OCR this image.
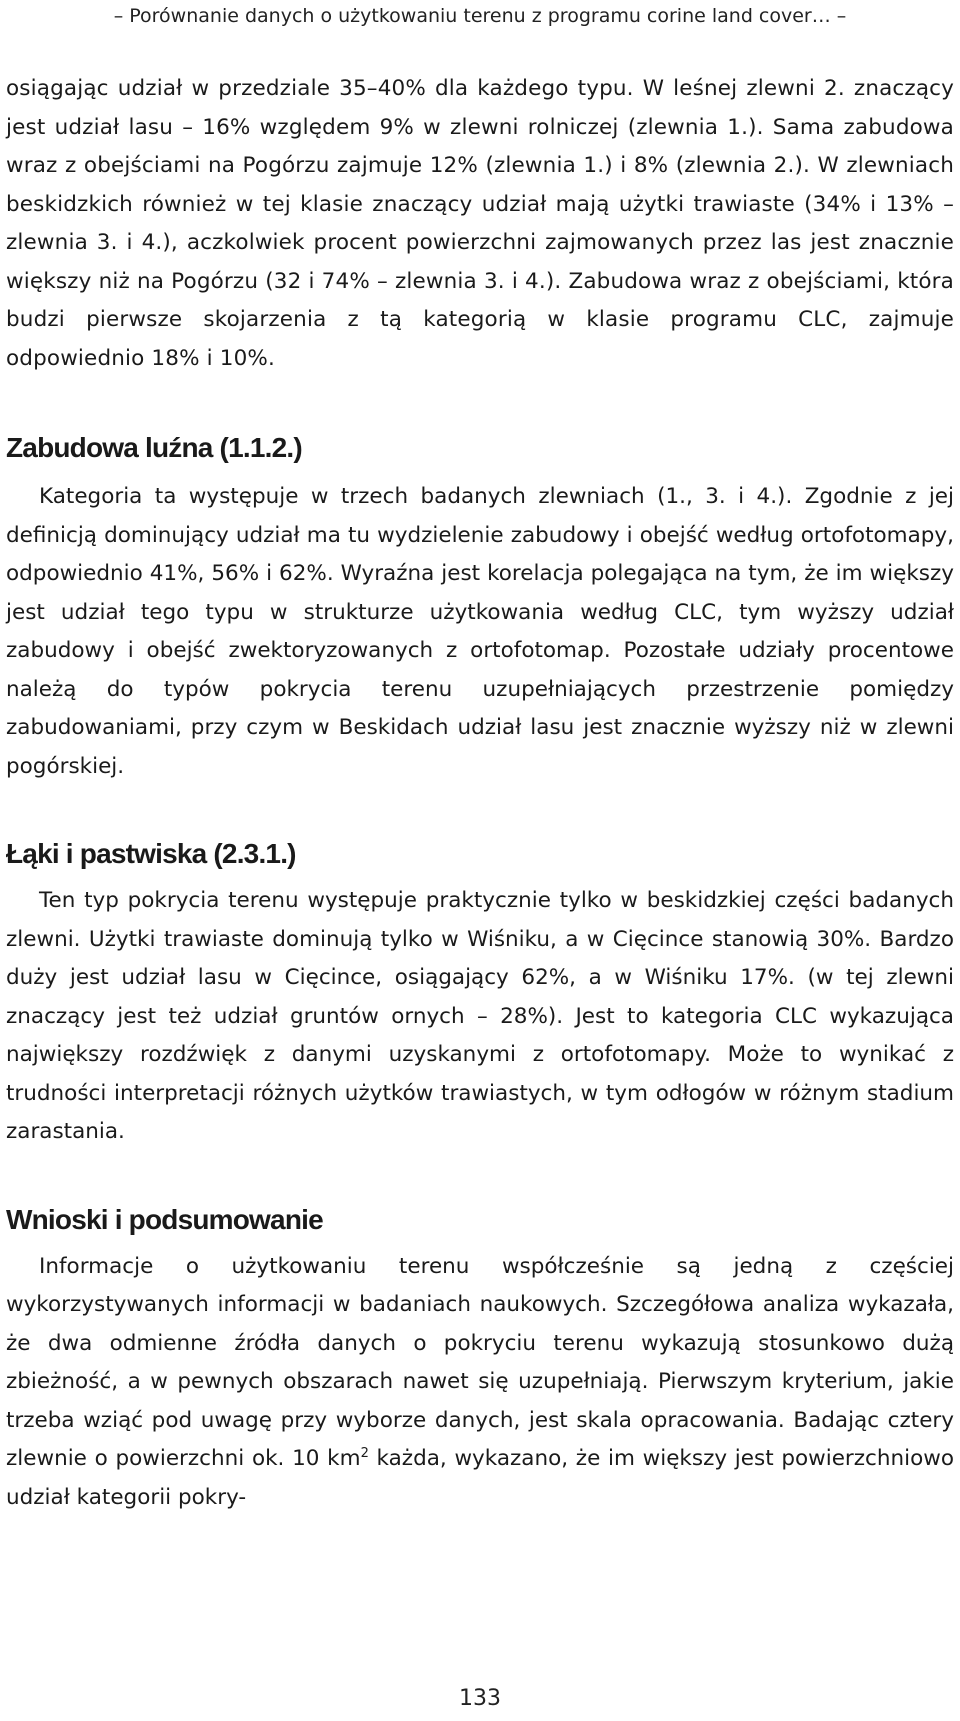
– Porównanie danych o użytkowaniu terenu z programu corine land cover… –

osiągając udział w przedziale 35–40% dla każdego typu. W leśnej zlewni 2. znaczący jest udział lasu – 16% względem 9% w zlewni rolniczej (zlewnia 1.). Sama zabudowa wraz z obejściami na Pogórzu zajmuje 12% (zlewnia 1.) i 8% (zlewnia 2.). W zlewniach beskidzkich również w tej klasie znaczący udział mają użytki trawiaste (34% i 13% – zlewnia 3. i 4.), aczkolwiek procent powierzchni zajmowanych przez las jest znacznie większy niż na Pogórzu (32 i 74% – zlewnia 3. i 4.). Zabudowa wraz z obejściami, która budzi pierwsze skojarzenia z tą kategorią w klasie programu CLC, zajmuje odpowiednio 18% i 10%.

Zabudowa luźna (1.1.2.)

Kategoria ta występuje w trzech badanych zlewniach (1., 3. i 4.). Zgodnie z jej definicją dominujący udział ma tu wydzielenie zabudowy i obejść według ortofotomapy, odpowiednio 41%, 56% i 62%. Wyraźna jest korelacja polegająca na tym, że im większy jest udział tego typu w strukturze użytkowania według CLC, tym wyższy udział zabudowy i obejść zwektoryzowanych z ortofotomap. Pozostałe udziały procentowe należą do typów pokrycia terenu uzupełniających przestrzenie pomiędzy zabudowaniami, przy czym w Beskidach udział lasu jest znacznie wyższy niż w zlewni pogórskiej.

Łąki i pastwiska (2.3.1.)

Ten typ pokrycia terenu występuje praktycznie tylko w beskidzkiej części badanych zlewni. Użytki trawiaste dominują tylko w Wiśniku, a w Cięcince stanowią 30%. Bardzo duży jest udział lasu w Cięcince, osiągający 62%, a w Wiśniku 17%. (w tej zlewni znaczący jest też udział gruntów ornych – 28%). Jest to kategoria CLC wykazująca największy rozdźwięk z danymi uzyskanymi z ortofotomapy. Może to wynikać z trudności interpretacji różnych użytków trawiastych, w tym odłogów w różnym stadium zarastania.

Wnioski i podsumowanie

Informacje o użytkowaniu terenu współcześnie są jedną z częściej wykorzystywanych informacji w badaniach naukowych. Szczegółowa analiza wykazała, że dwa odmienne źródła danych o pokryciu terenu wykazują stosunkowo dużą zbieżność, a w pewnych obszarach nawet się uzupełniają. Pierwszym kryterium, jakie trzeba wziąć pod uwagę przy wyborze danych, jest skala opracowania. Badając cztery zlewnie o powierzchni ok. 10 $km^2$ każda, wykazano, że im większy jest powierzchniowo udział kategorii pokry-

133
